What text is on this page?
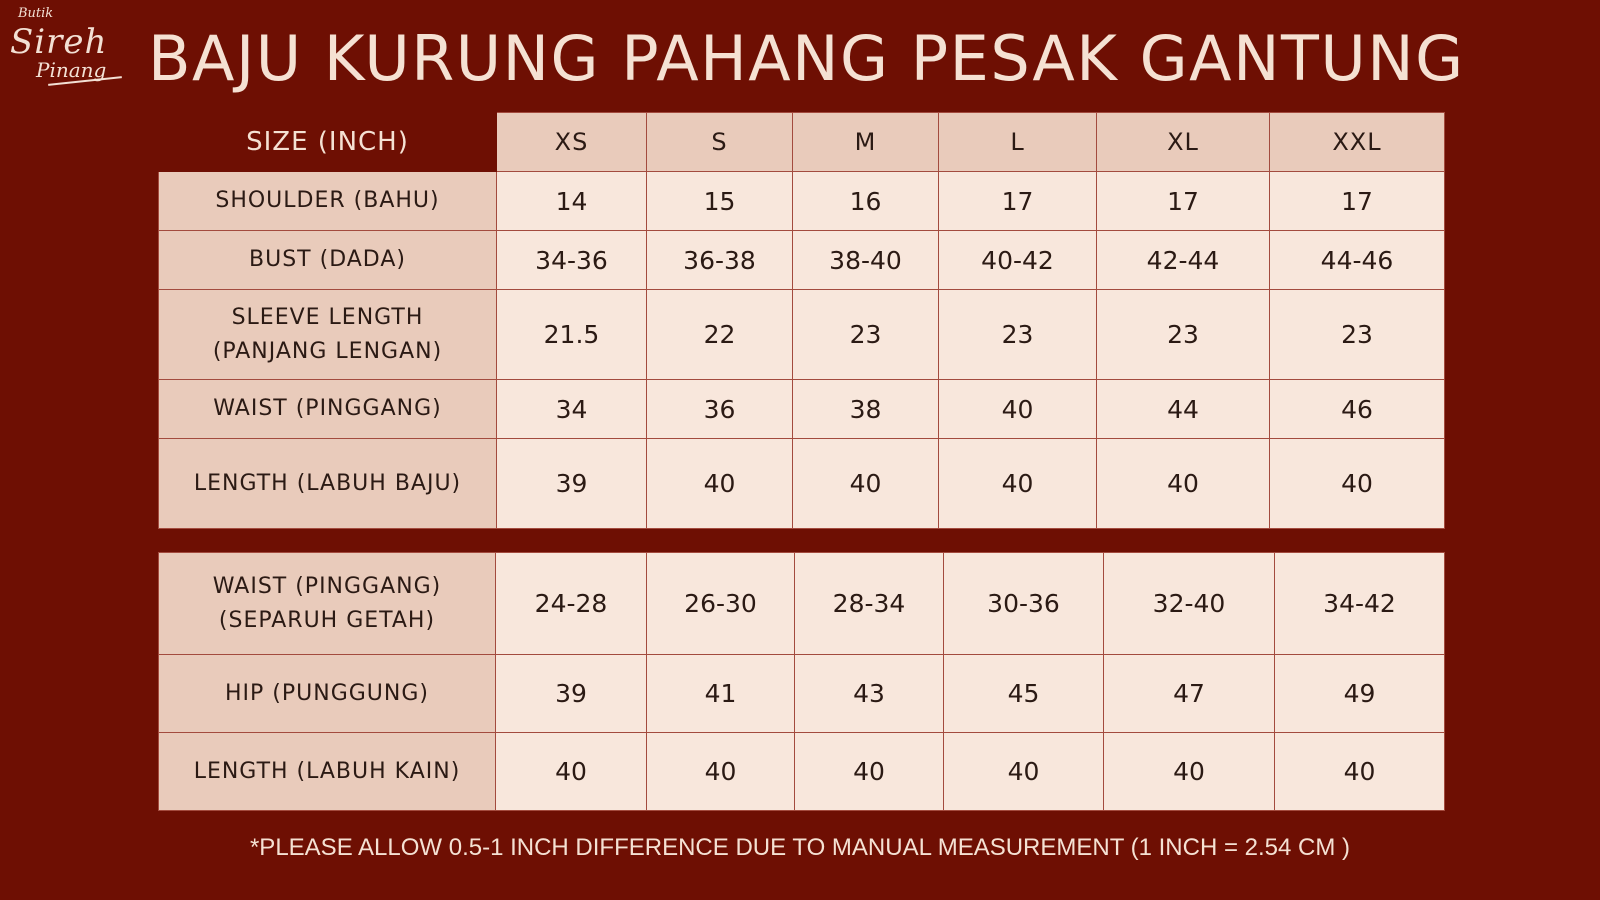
Butik
Sireh
Pinang BAJU KURUNG PAHANG PESAK GANTUNG
SIZE (INCH)	XS	S	M	L	XL	XXL
SHOULDER (BAHU)	14	15	16	17	17	17
BUST (DADA)	34-36	36-38	38-40	40-42	42-44	44-46
SLEEVE LENGTH (PANJANG LENGAN)	21.5	22	23	23	23	23
WAIST (PINGGANG)	34	36	38	40	44	46
LENGTH (LABUH BAJU)	39	40	40	40	40	40
WAIST (PINGGANG) (SEPARUH GETAH)	24-28	26-30	28-34	30-36	32-40	34-42
HIP (PUNGGUNG)	39	41	43	45	47	49
LENGTH (LABUH KAIN)	40	40	40	40	40	40
*PLEASE ALLOW 0.5-1 INCH DIFFERENCE DUE TO MANUAL MEASUREMENT (1 INCH = 2.54 CM )
